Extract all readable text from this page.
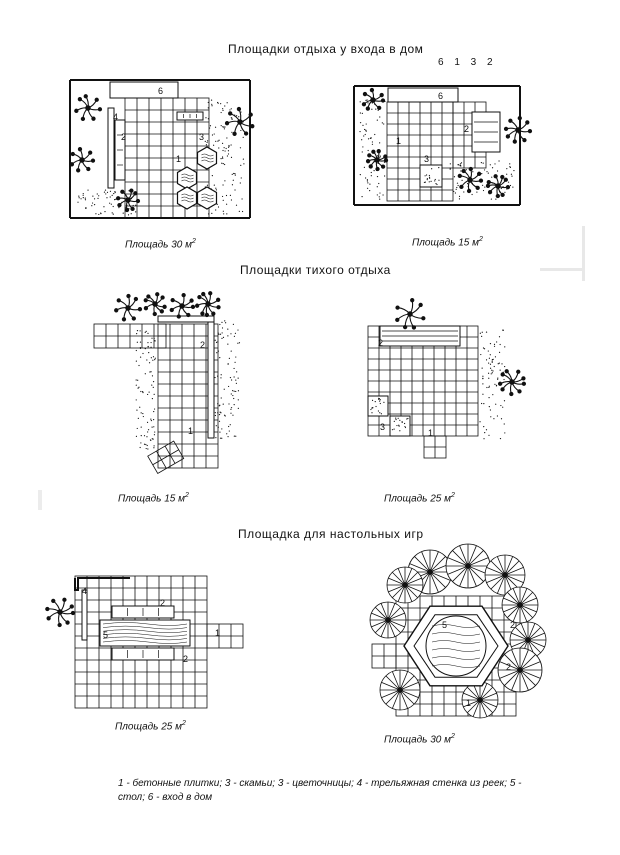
6
4
2	3
1
6
1
2
3
2
1
2
3
1
4
2
2
5	1
5	2
2
1
6 1 3 2
Площадки отдыха у входа в дом
Площадки тихого отдыха
Площадка для настольных игр
Площадь 30 $м^2$	Площадь 15 $м^2$
Площадь 15 $м^2$	Площадь 25 $м^2$
Площадь 25 $м^2$
Площадь 30 $м^2$
1 - бетонные плитки; 3 - скамьи; 3 - цветочницы; 4 - трельяжная стенка из реек; 5 - стол; 6 - вход в дом
